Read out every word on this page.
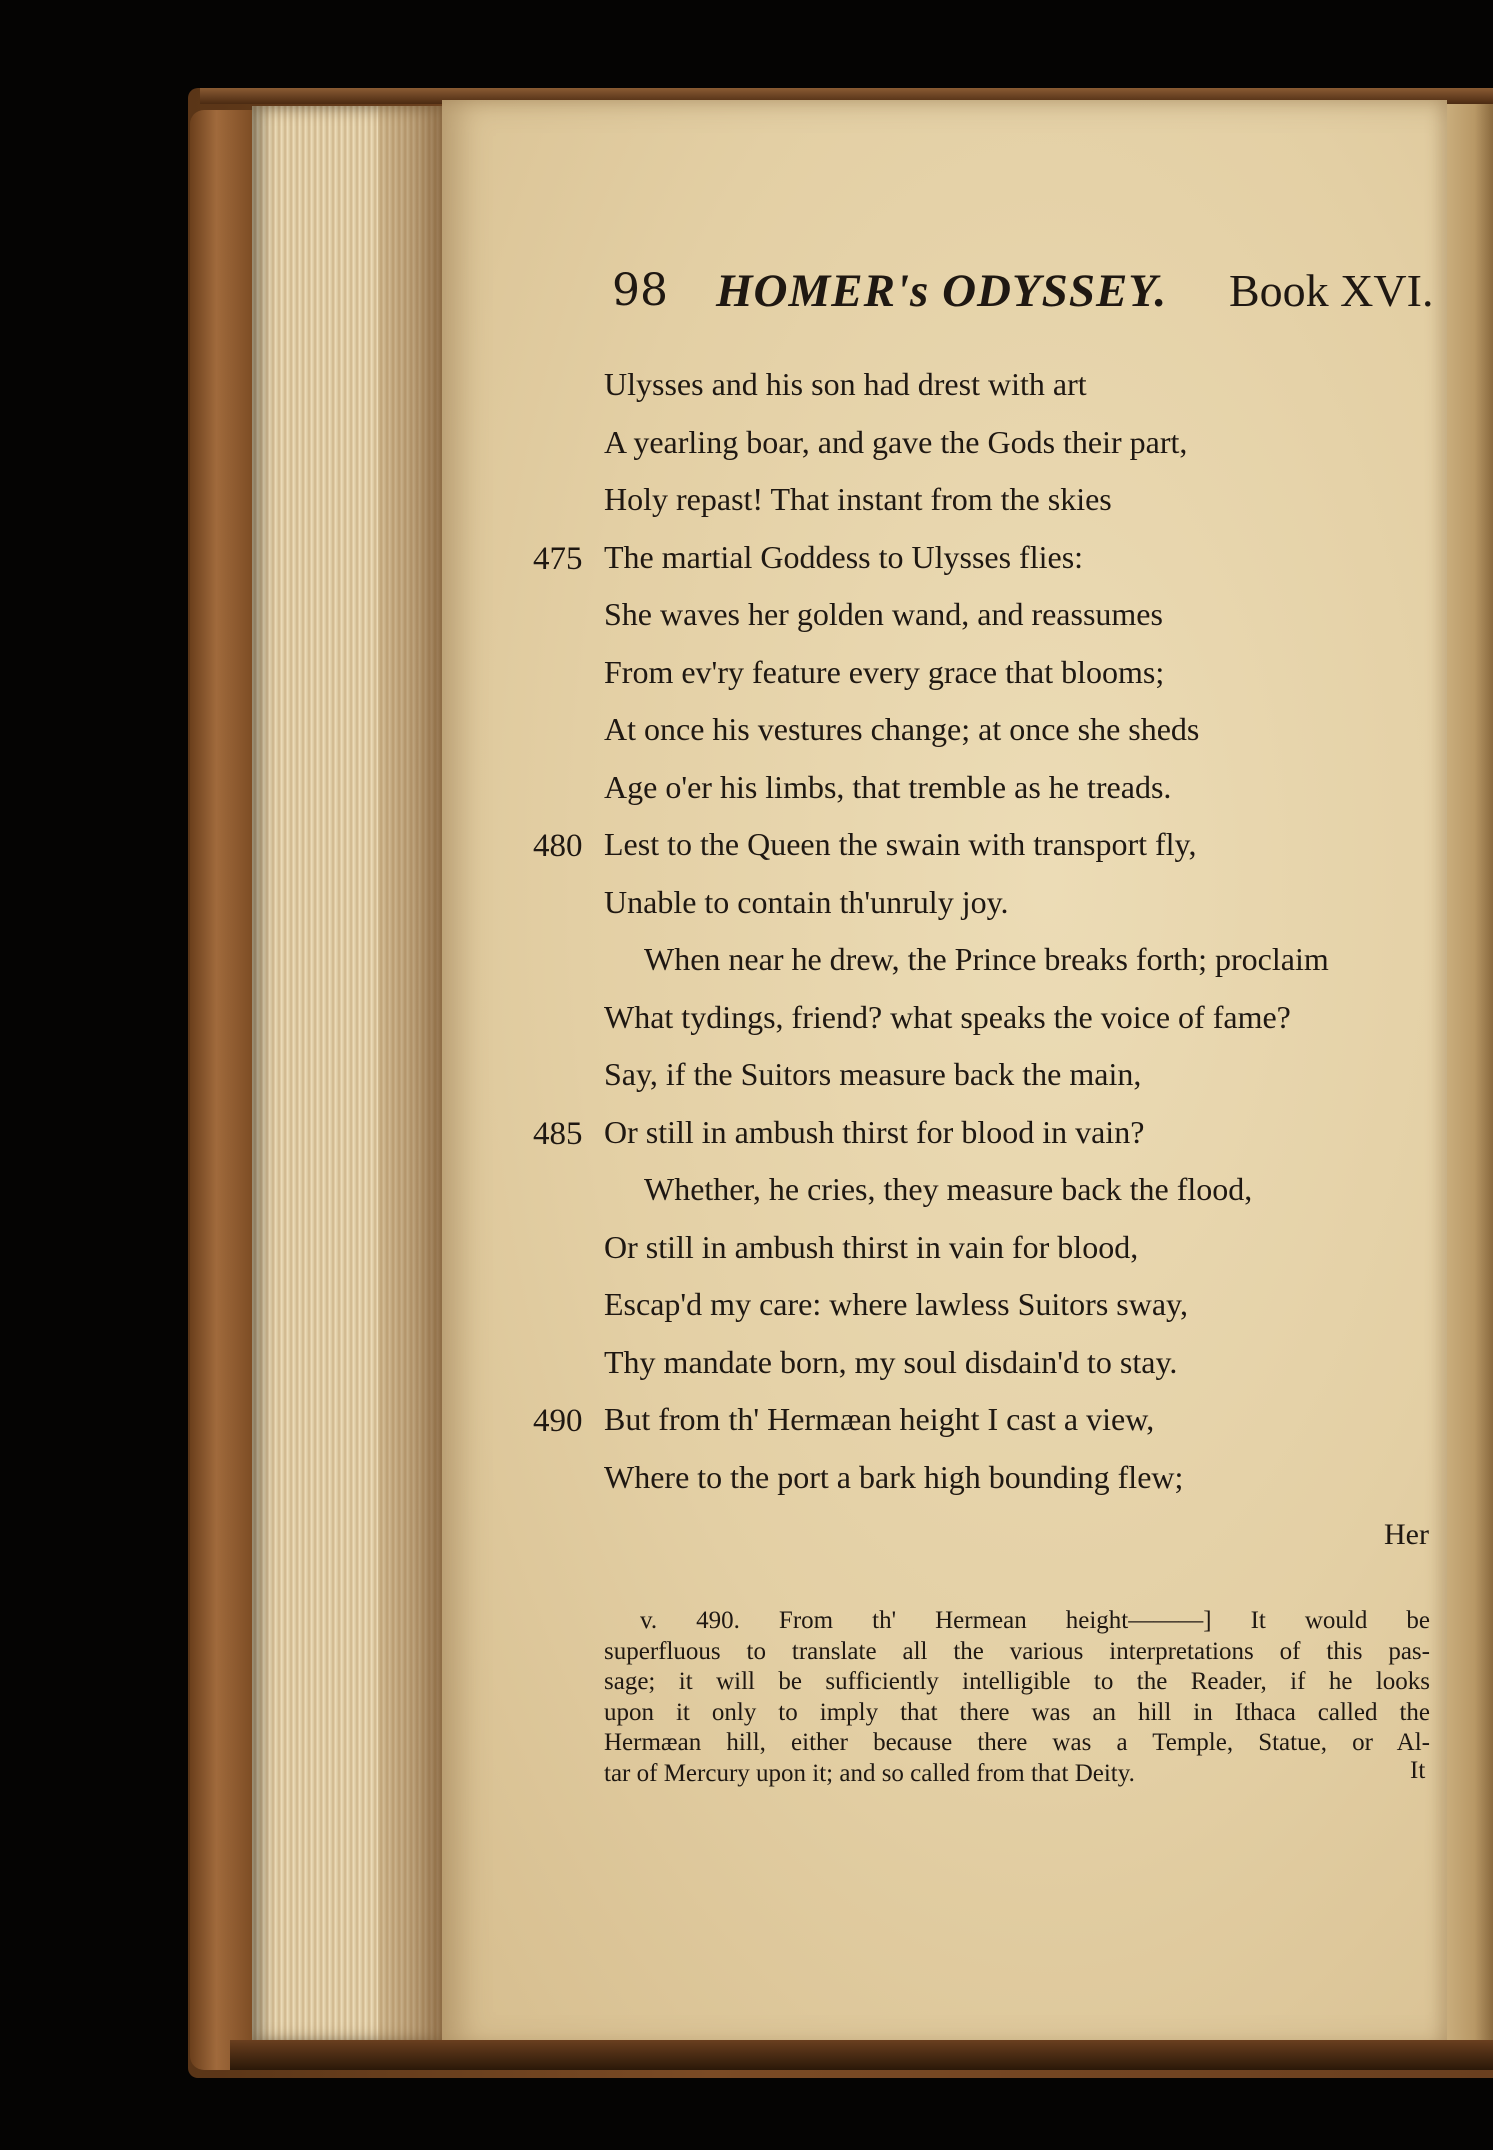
98 HOMER's ODYSSEY. Book XVI.
Ulysses and his son had drest with art
A yearling boar, and gave the Gods their part,
Holy repast! That instant from the skies
475 The martial Goddess to Ulysses flies:
She waves her golden wand, and reassumes
From ev'ry feature every grace that blooms;
At once his vestures change; at once she sheds
Age o'er his limbs, that tremble as he treads.
480 Lest to the Queen the swain with transport fly,
Unable to contain th'unruly joy.
When near he drew, the Prince breaks forth; proclaim
What tydings, friend? what speaks the voice of fame?
Say, if the Suitors measure back the main,
485 Or still in ambush thirst for blood in vain?
Whether, he cries, they measure back the flood,
Or still in ambush thirst in vain for blood,
Escap'd my care: where lawless Suitors sway,
Thy mandate born, my soul disdain'd to stay.
490 But from th' Hermæan height I cast a view,
Where to the port a bark high bounding flew;
Her
v. 490. From th' Hermean height———] It would be
superfluous to translate all the various interpretations of this pas-
sage; it will be sufficiently intelligible to the Reader, if he looks
upon it only to imply that there was an hill in Ithaca called the
Hermæan hill, either because there was a Temple, Statue, or Al-
tar of Mercury upon it; and so called from that Deity.	It
